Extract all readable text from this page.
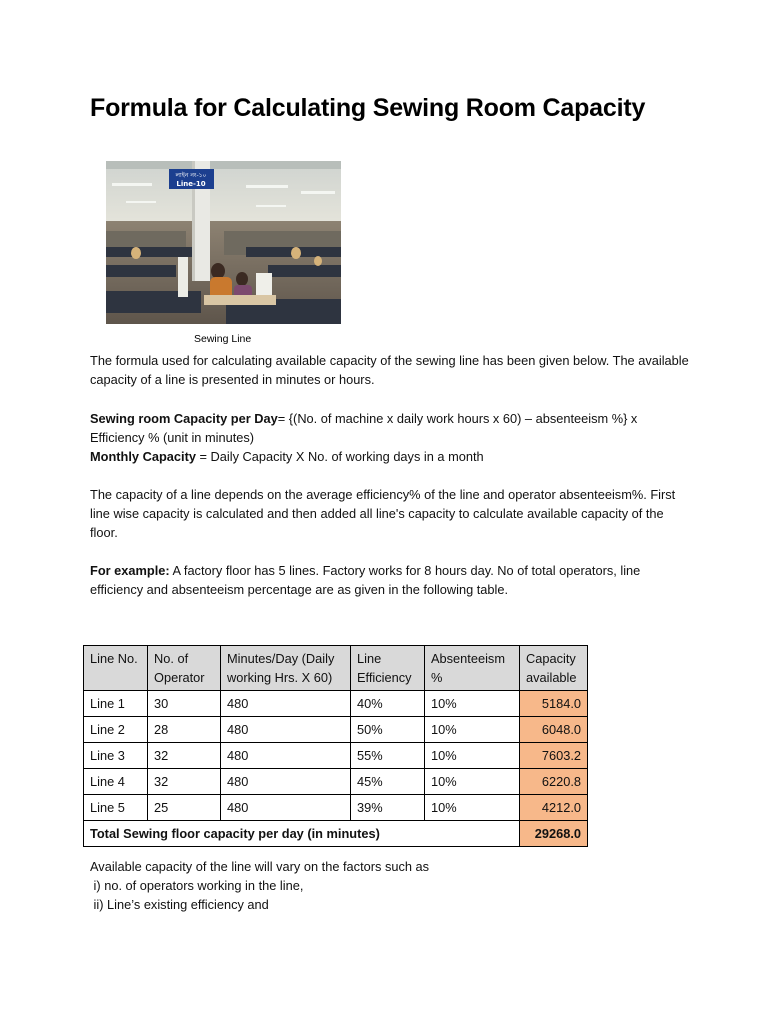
Formula for Calculating Sewing Room Capacity
লাইন নং-১০
Line-10
Sewing Line

The formula used for calculating available capacity of the sewing line has been given below. The available capacity of a line is presented in minutes or hours.

Sewing room Capacity per Day= {(No. of machine x daily work hours x 60) – absenteeism %} x Efficiency % (unit in minutes)

Monthly Capacity = Daily Capacity X No. of working days in a month

The capacity of a line depends on the average efficiency% of the line and operator absenteeism%. First line wise capacity is calculated and then added all line's capacity to calculate available capacity of the floor.

For example: A factory floor has 5 lines. Factory works for 8 hours day. No of total operators, line efficiency and absenteeism percentage are as given in the following table.

Line No.	No. of Operator	Minutes/Day (Daily working Hrs. X 60)	Line Efficiency	Absenteeism %	Capacity available
Line 1	30	480	40%	10%	5184.0
Line 2	28	480	50%	10%	6048.0
Line 3	32	480	55%	10%	7603.2
Line 4	32	480	45%	10%	6220.8
Line 5	25	480	39%	10%	4212.0
Total Sewing floor capacity per day (in minutes)					29268.0

Available capacity of the line will vary on the factors such as

i) no. of operators working in the line,

ii) Line’s existing efficiency and
